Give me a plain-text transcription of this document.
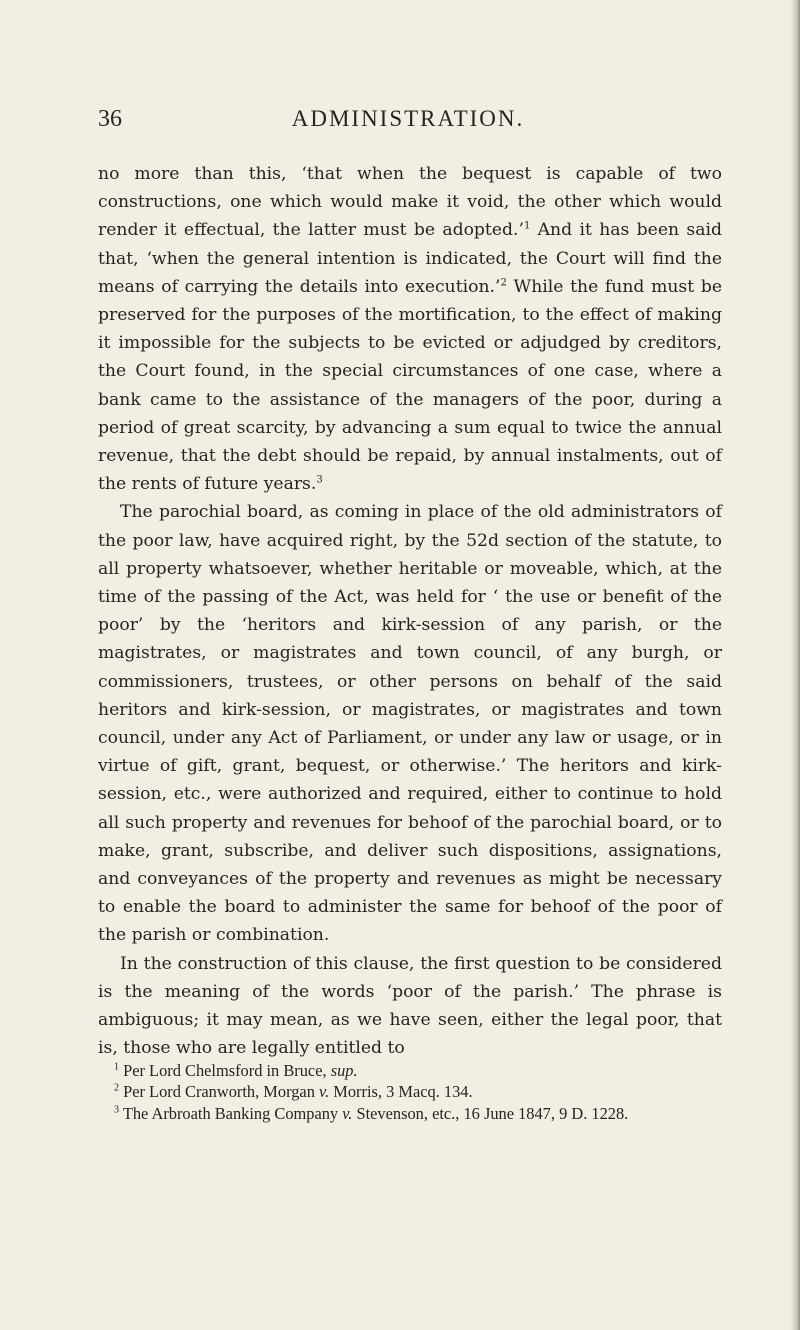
36	ADMINISTRATION.

no more than this, ‘that when the bequest is capable of two constructions, one which would make it void, the other which would render it effectual, the latter must be adopted.’$^1$ And it has been said that, ‘when the general intention is indicated, the Court will find the means of carrying the details into execution.’$^2$ While the fund must be preserved for the purposes of the mortification, to the effect of making it impossible for the subjects to be evicted or adjudged by creditors, the Court found, in the special circumstances of one case, where a bank came to the assistance of the managers of the poor, during a period of great scarcity, by advancing a sum equal to twice the annual revenue, that the debt should be repaid, by annual instalments, out of the rents of future years.$^3$

The parochial board, as coming in place of the old administrators of the poor law, have acquired right, by the 52d section of the statute, to all property whatsoever, whether heritable or moveable, which, at the time of the passing of the Act, was held for ‘ the use or benefit of the poor’ by the ‘heritors and kirk-session of any parish, or the magistrates, or magistrates and town council, of any burgh, or commissioners, trustees, or other persons on behalf of the said heritors and kirk-session, or magistrates, or magistrates and town council, under any Act of Parliament, or under any law or usage, or in virtue of gift, grant, bequest, or otherwise.’ The heritors and kirk-session, etc., were authorized and required, either to continue to hold all such property and revenues for behoof of the parochial board, or to make, grant, subscribe, and deliver such dispositions, assignations, and conveyances of the property and revenues as might be necessary to enable the board to administer the same for behoof of the poor of the parish or combination.

In the construction of this clause, the first question to be considered is the meaning of the words ‘poor of the parish.’ The phrase is ambiguous; it may mean, as we have seen, either the legal poor, that is, those who are legally entitled to

$^1$ Per Lord Chelmsford in Bruce, sup.

$^2$ Per Lord Cranworth, Morgan v. Morris, 3 Macq. 134.

$^3$ The Arbroath Banking Company v. Stevenson, etc., 16 June 1847, 9 D. 1228.
